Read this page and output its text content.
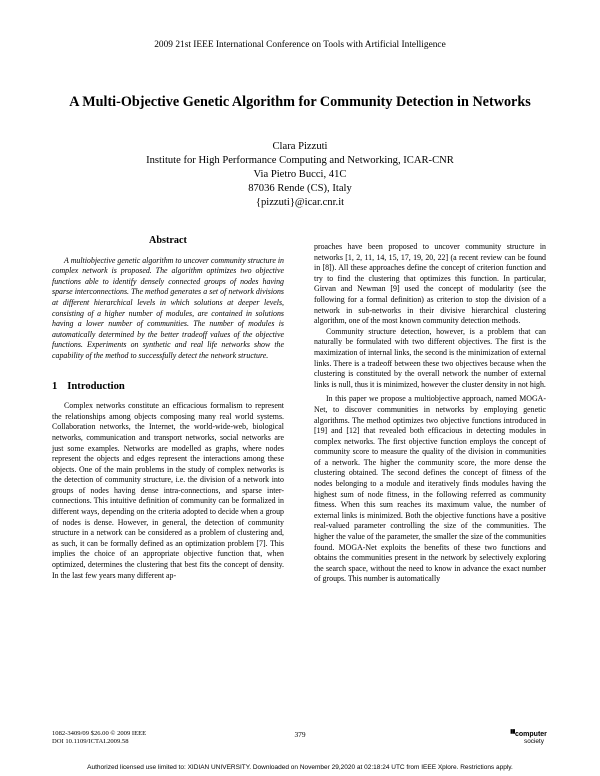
2009 21st IEEE International Conference on Tools with Artificial Intelligence
A Multi-Objective Genetic Algorithm for Community Detection in Networks
Clara Pizzuti
Institute for High Performance Computing and Networking, ICAR-CNR
Via Pietro Bucci, 41C
87036 Rende (CS), Italy
{pizzuti}@icar.cnr.it

Abstract

A multiobjective genetic algorithm to uncover community structure in complex network is proposed. The algorithm optimizes two objective functions able to identify densely connected groups of nodes having sparse interconnections. The method generates a set of network divisions at different hierarchical levels in which solutions at deeper levels, consisting of a higher number of modules, are contained in solutions having a lower number of communities. The number of modules is automatically determined by the better tradeoff values of the objective functions. Experiments on synthetic and real life networks show the capability of the method to successfully detect the network structure.

1 Introduction

Complex networks constitute an efficacious formalism to represent the relationships among objects composing many real world systems. Collaboration networks, the Internet, the world-wide-web, biological networks, communication and transport networks, social networks are just some examples. Networks are modelled as graphs, where nodes represent the objects and edges represent the interactions among these objects. One of the main problems in the study of complex networks is the detection of community structure, i.e. the division of a network into groups of nodes having dense intra-connections, and sparse inter-connections. This intuitive definition of community can be formalized in different ways, depending on the criteria adopted to decide when a group of nodes is dense. However, in general, the detection of community structure in a network can be considered as a problem of clustering and, as such, it can be formally defined as an optimization problem [7]. This implies the choice of an appropriate objective function that, when optimized, determines the clustering that best fits the concept of density. In the last few years many different ap-

proaches have been proposed to uncover community structure in networks [1, 2, 11, 14, 15, 17, 19, 20, 22] (a recent review can be found in [8]). All these approaches define the concept of criterion function and try to find the clustering that optimizes this function. In particular, Girvan and Newman [9] used the concept of modularity (see the following for a formal definition) as criterion to stop the division of a network in sub-networks in their divisive hierarchical clustering algorithm, one of the most known community detection methods.

Community structure detection, however, is a problem that can naturally be formulated with two different objectives. The first is the maximization of internal links, the second is the minimization of external links. There is a tradeoff between these two objectives because when the clustering is constituted by the overall network the number of external links is null, thus it is minimized, however the cluster density in not high.

In this paper we propose a multiobjective approach, named MOGA-Net, to discover communities in networks by employing genetic algorithms. The method optimizes two objective functions introduced in [19] and [12] that revealed both efficacious in detecting modules in complex networks. The first objective function employs the concept of community score to measure the quality of the division in communities of a network. The higher the community score, the more dense the clustering obtained. The second defines the concept of fitness of the nodes belonging to a module and iteratively finds modules having the highest sum of node fitness, in the following referred as community fitness. When this sum reaches its maximum value, the number of external links is minimized. Both the objective functions have a positive real-valued parameter controlling the size of the communities. The higher the value of the parameter, the smaller the size of the communities found. MOGA-Net exploits the benefits of these two functions and obtains the communities present in the network by selectively exploring the search space, without the need to know in advance the exact number of groups. This number is automatically

1082-3409/09 $26.00 © 2009 IEEE
DOI 10.1109/ICTAI.2009.58
379	▮▮ computer
society
Authorized licensed use limited to: XIDIAN UNIVERSITY. Downloaded on November 29,2020 at 02:18:24 UTC from IEEE Xplore. Restrictions apply.
